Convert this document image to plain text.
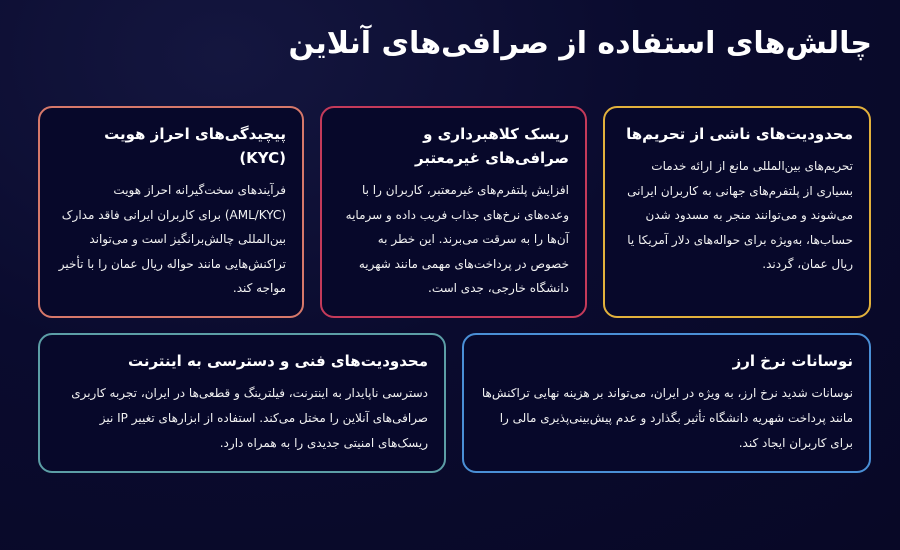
چالش‌های استفاده از صرافی‌های آنلاین
محدودیت‌های ناشی از تحریم‌ها

تحریم‌های بین‌المللی مانع از ارائه خدمات بسیاری از پلتفرم‌های جهانی به کاربران ایرانی می‌شوند و می‌توانند منجر به مسدود شدن حساب‌ها، به‌ویژه برای حواله‌های دلار آمریکا یا ریال عمان، گردند.

ریسک کلاهبرداری و صرافی‌های غیرمعتبر

افزایش پلتفرم‌های غیرمعتبر، کاربران را با وعده‌های نرخ‌های جذاب فریب داده و سرمایه آن‌ها را به سرقت می‌برند. این خطر به خصوص در پرداخت‌های مهمی مانند شهریه دانشگاه خارجی، جدی است.

پیچیدگی‌های احراز هویت (KYC)

فرآیندهای سخت‌گیرانه احراز هویت (AML/KYC) برای کاربران ایرانی فاقد مدارک بین‌المللی چالش‌برانگیز است و می‌تواند تراکنش‌هایی مانند حواله ریال عمان را با تأخیر مواجه کند.

محدودیت‌های فنی و دسترسی به اینترنت

دسترسی ناپایدار به اینترنت، فیلترینگ و قطعی‌ها در ایران، تجربه کاربری صرافی‌های آنلاین را مختل می‌کند. استفاده از ابزارهای تغییر IP نیز ریسک‌های امنیتی جدیدی را به همراه دارد.

نوسانات نرخ ارز

نوسانات شدید نرخ ارز، به ویژه در ایران، می‌تواند بر هزینه نهایی تراکنش‌ها مانند پرداخت شهریه دانشگاه تأثیر بگذارد و عدم پیش‌بینی‌پذیری مالی را برای کاربران ایجاد کند.
